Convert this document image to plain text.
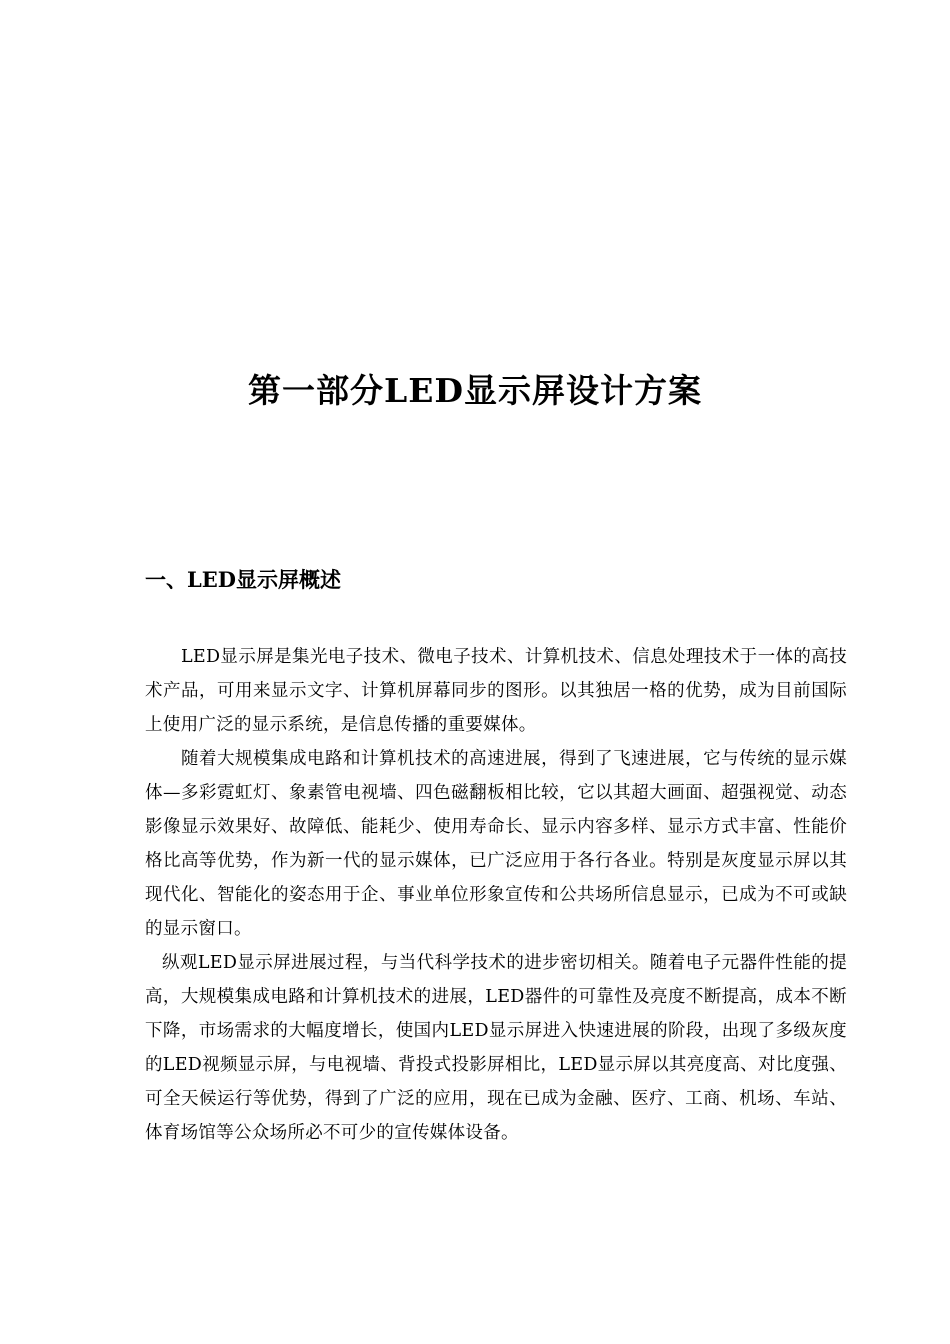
第一部分LED显示屏设计方案
一、LED显示屏概述

LED显示屏是集光电子技术、微电子技术、计算机技术、信息处理技术于一体的高技术产品，可用来显示文字、计算机屏幕同步的图形。以其独居一格的优势，成为目前国际上使用广泛的显示系统，是信息传播的重要媒体。

随着大规模集成电路和计算机技术的高速进展，得到了飞速进展，它与传统的显示媒体—多彩霓虹灯、象素管电视墙、四色磁翻板相比较，它以其超大画面、超强视觉、动态影像显示效果好、故障低、能耗少、使用寿命长、显示内容多样、显示方式丰富、性能价格比高等优势，作为新一代的显示媒体，已广泛应用于各行各业。特别是灰度显示屏以其现代化、智能化的姿态用于企、事业单位形象宣传和公共场所信息显示，已成为不可或缺的显示窗口。

纵观LED显示屏进展过程，与当代科学技术的进步密切相关。随着电子元器件性能的提高，大规模集成电路和计算机技术的进展，LED器件的可靠性及亮度不断提高，成本不断下降，市场需求的大幅度增长，使国内LED显示屏进入快速进展的阶段，出现了多级灰度的LED视频显示屏，与电视墙、背投式投影屏相比，LED显示屏以其亮度高、对比度强、可全天候运行等优势，得到了广泛的应用，现在已成为金融、医疗、工商、机场、车站、体育场馆等公众场所必不可少的宣传媒体设备。
